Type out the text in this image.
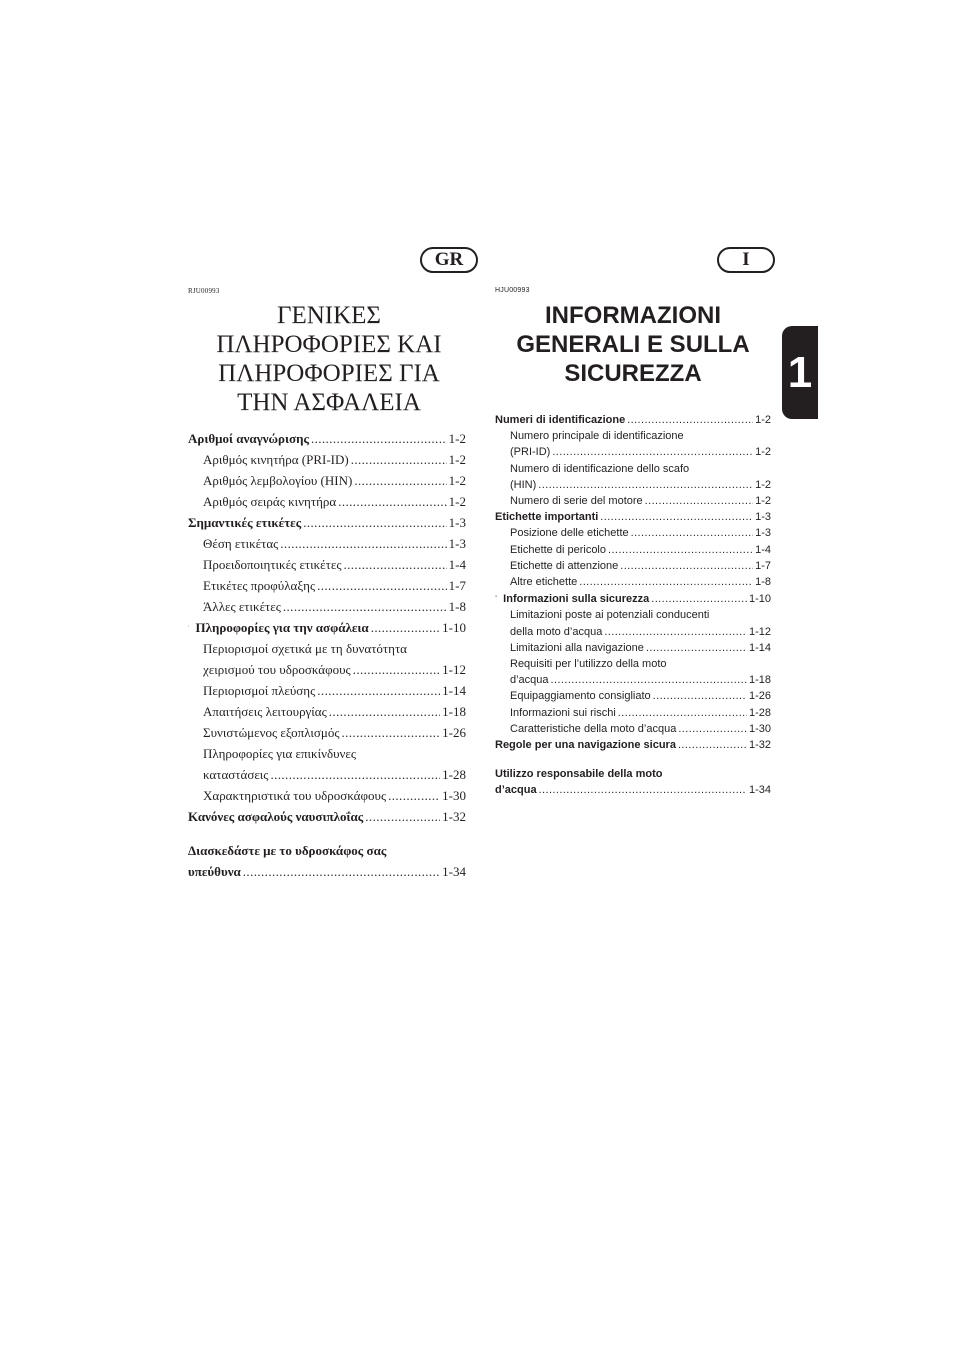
GR	I
1
RJU00993
ΓΕΝΙΚΕΣ
ΠΛΗΡΟΦΟΡΙΕΣ ΚΑΙ
ΠΛΗΡΟΦΟΡΙΕΣ ΓΙΑ
ΤΗΝ ΑΣΦΑΛΕΙΑ
Αριθμοί αναγνώρισης .....	1-2
Αριθμός κινητήρα (PRI-ID) .....	1-2
Αριθμός λεμβολογίου (HIN) .....	1-2
Αριθμός σειράς κινητήρα .....	1-2
Σημαντικές ετικέτες .....	1-3
Θέση ετικέτας .....	1-3
Προειδοποιητικές ετικέτες .....	1-4
Ετικέτες προφύλαξης .....	1-7
Άλλες ετικέτες .....	1-8
Πληροφορίες για την ασφάλεια .....	1-10
Περιορισμοί σχετικά με τη δυνατότητα
χειρισμού του υδροσκάφους .....	1-12
Περιορισμοί πλεύσης .....	1-14
Απαιτήσεις λειτουργίας .....	1-18
Συνιστώμενος εξοπλισμός .....	1-26
Πληροφορίες για επικίνδυνες
καταστάσεις .....	1-28
Χαρακτηριστικά του υδροσκάφους .....	1-30
Κανόνες ασφαλούς ναυσιπλοΐας .....	1-32
Διασκεδάστε με το υδροσκάφος σας
υπεύθυνα .....	1-34
HJU00993
INFORMAZIONI
GENERALI E SULLA
SICUREZZA
Numeri di identificazione .....	1-2
Numero principale di identificazione
(PRI-ID) .....	1-2
Numero di identificazione dello scafo
(HIN) .....	1-2
Numero di serie del motore .....	1-2
Etichette importanti .....	1-3
Posizione delle etichette .....	1-3
Etichette di pericolo .....	1-4
Etichette di attenzione .....	1-7
Altre etichette .....	1-8
Informazioni sulla sicurezza .....	1-10
Limitazioni poste ai potenziali conducenti
della moto d’acqua .....	1-12
Limitazioni alla navigazione .....	1-14
Requisiti per l’utilizzo della moto
d’acqua .....	1-18
Equipaggiamento consigliato .....	1-26
Informazioni sui rischi .....	1-28
Caratteristiche della moto d’acqua .....	1-30
Regole per una navigazione sicura .....	1-32
Utilizzo responsabile della moto
d’acqua .....	1-34
